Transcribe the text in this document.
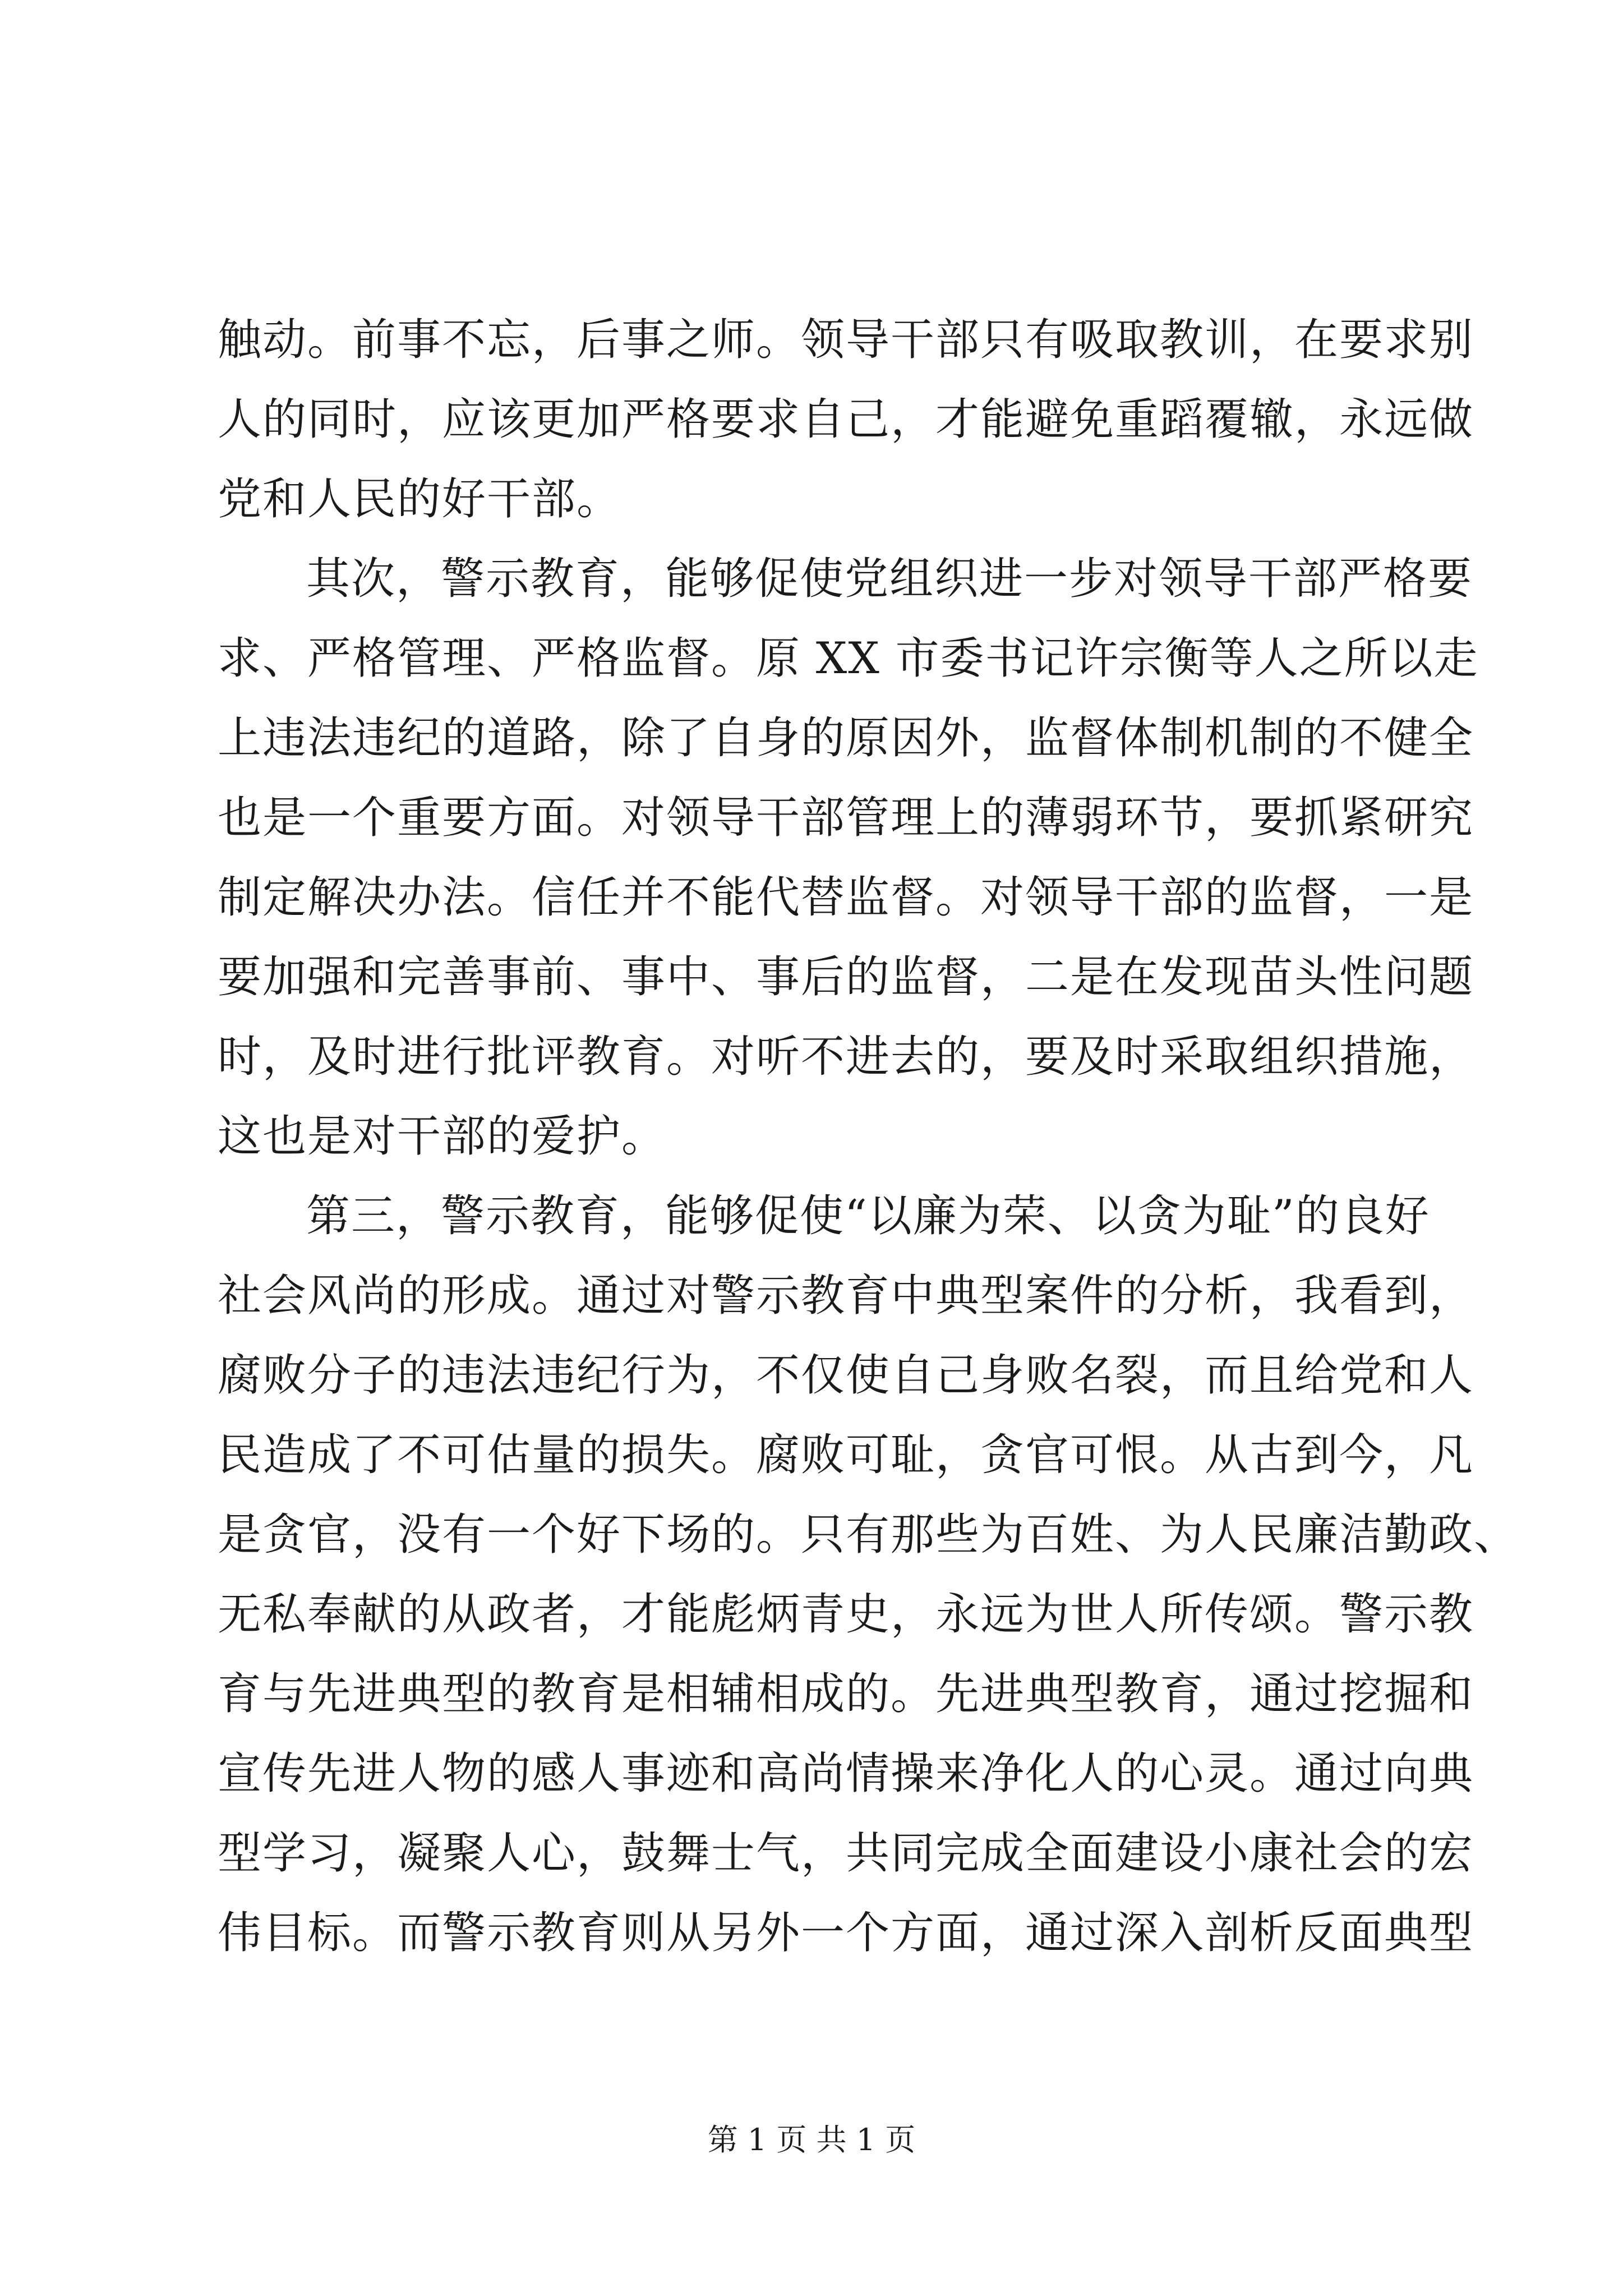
触动。前事不忘，后事之师。领导干部只有吸取教训，在要求别
人的同时，应该更加严格要求自己，才能避免重蹈覆辙，永远做
党和人民的好干部。
其次，警示教育，能够促使党组织进一步对领导干部严格要
求、严格管理、严格监督。原 XX 市委书记许宗衡等人之所以走
上违法违纪的道路，除了自身的原因外，监督体制机制的不健全
也是一个重要方面。对领导干部管理上的薄弱环节，要抓紧研究
制定解决办法。信任并不能代替监督。对领导干部的监督，一是
要加强和完善事前、事中、事后的监督，二是在发现苗头性问题
时，及时进行批评教育。对听不进去的，要及时采取组织措施，
这也是对干部的爱护。
第三，警示教育，能够促使“以廉为荣、以贪为耻”的良好
社会风尚的形成。通过对警示教育中典型案件的分析，我看到，
腐败分子的违法违纪行为，不仅使自己身败名裂，而且给党和人
民造成了不可估量的损失。腐败可耻，贪官可恨。从古到今，凡
是贪官，没有一个好下场的。只有那些为百姓、为人民廉洁勤政、
无私奉献的从政者，才能彪炳青史，永远为世人所传颂。警示教
育与先进典型的教育是相辅相成的。先进典型教育，通过挖掘和
宣传先进人物的感人事迹和高尚情操来净化人的心灵。通过向典
型学习，凝聚人心，鼓舞士气，共同完成全面建设小康社会的宏
伟目标。而警示教育则从另外一个方面，通过深入剖析反面典型
第 1 页 共 1 页
